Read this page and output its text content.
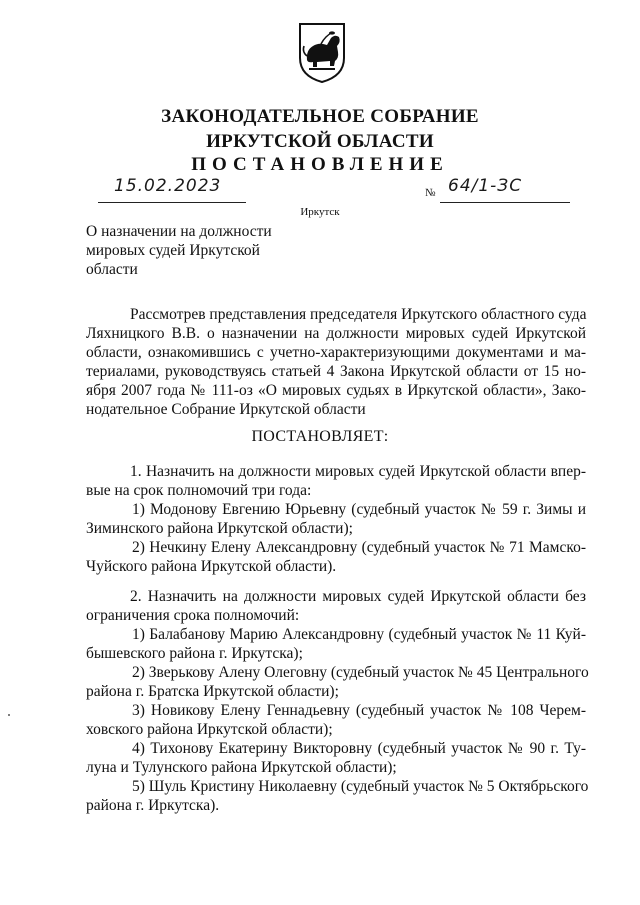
ЗАКОНОДАТЕЛЬНОЕ СОБРАНИЕ
ИРКУТСКОЙ ОБЛАСТИ
ПОСТАНОВЛЕНИЕ
15.02.2023	№ 64/1-ЗС
Иркутск
О назначении на должности
мировых судей Иркутской
области
Рассмотрев представления председателя Иркутского областного суда
Ляхницкого В.В. о назначении на должности мировых судей Иркутской
области, ознакомившись с учетно-характеризующими документами и ма-
териалами, руководствуясь статьей 4 Закона Иркутской области от 15 но-
ября 2007 года № 111-оз «О мировых судьях в Иркутской области», Зако-
нодательное Собрание Иркутской области
ПОСТАНОВЛЯЕТ:
1. Назначить на должности мировых судей Иркутской области впер-
вые на срок полномочий три года:
1) Модонову Евгению Юрьевну (судебный участок № 59 г. Зимы и
Зиминского района Иркутской области);
2) Нечкину Елену Александровну (судебный участок № 71 Мамско-
Чуйского района Иркутской области).
2. Назначить на должности мировых судей Иркутской области без
ограничения срока полномочий:
1) Балабанову Марию Александровну (судебный участок № 11 Куй-
бышевского района г. Иркутска);
2) Зверькову Алену Олеговну (судебный участок № 45 Центрального
района г. Братска Иркутской области);
3) Новикову Елену Геннадьевну (судебный участок № 108 Черем-
ховского района Иркутской области);
4) Тихонову Екатерину Викторовну (судебный участок № 90 г. Ту-
луна и Тулунского района Иркутской области);
5) Шуль Кристину Николаевну (судебный участок № 5 Октябрьского
района г. Иркутска).
